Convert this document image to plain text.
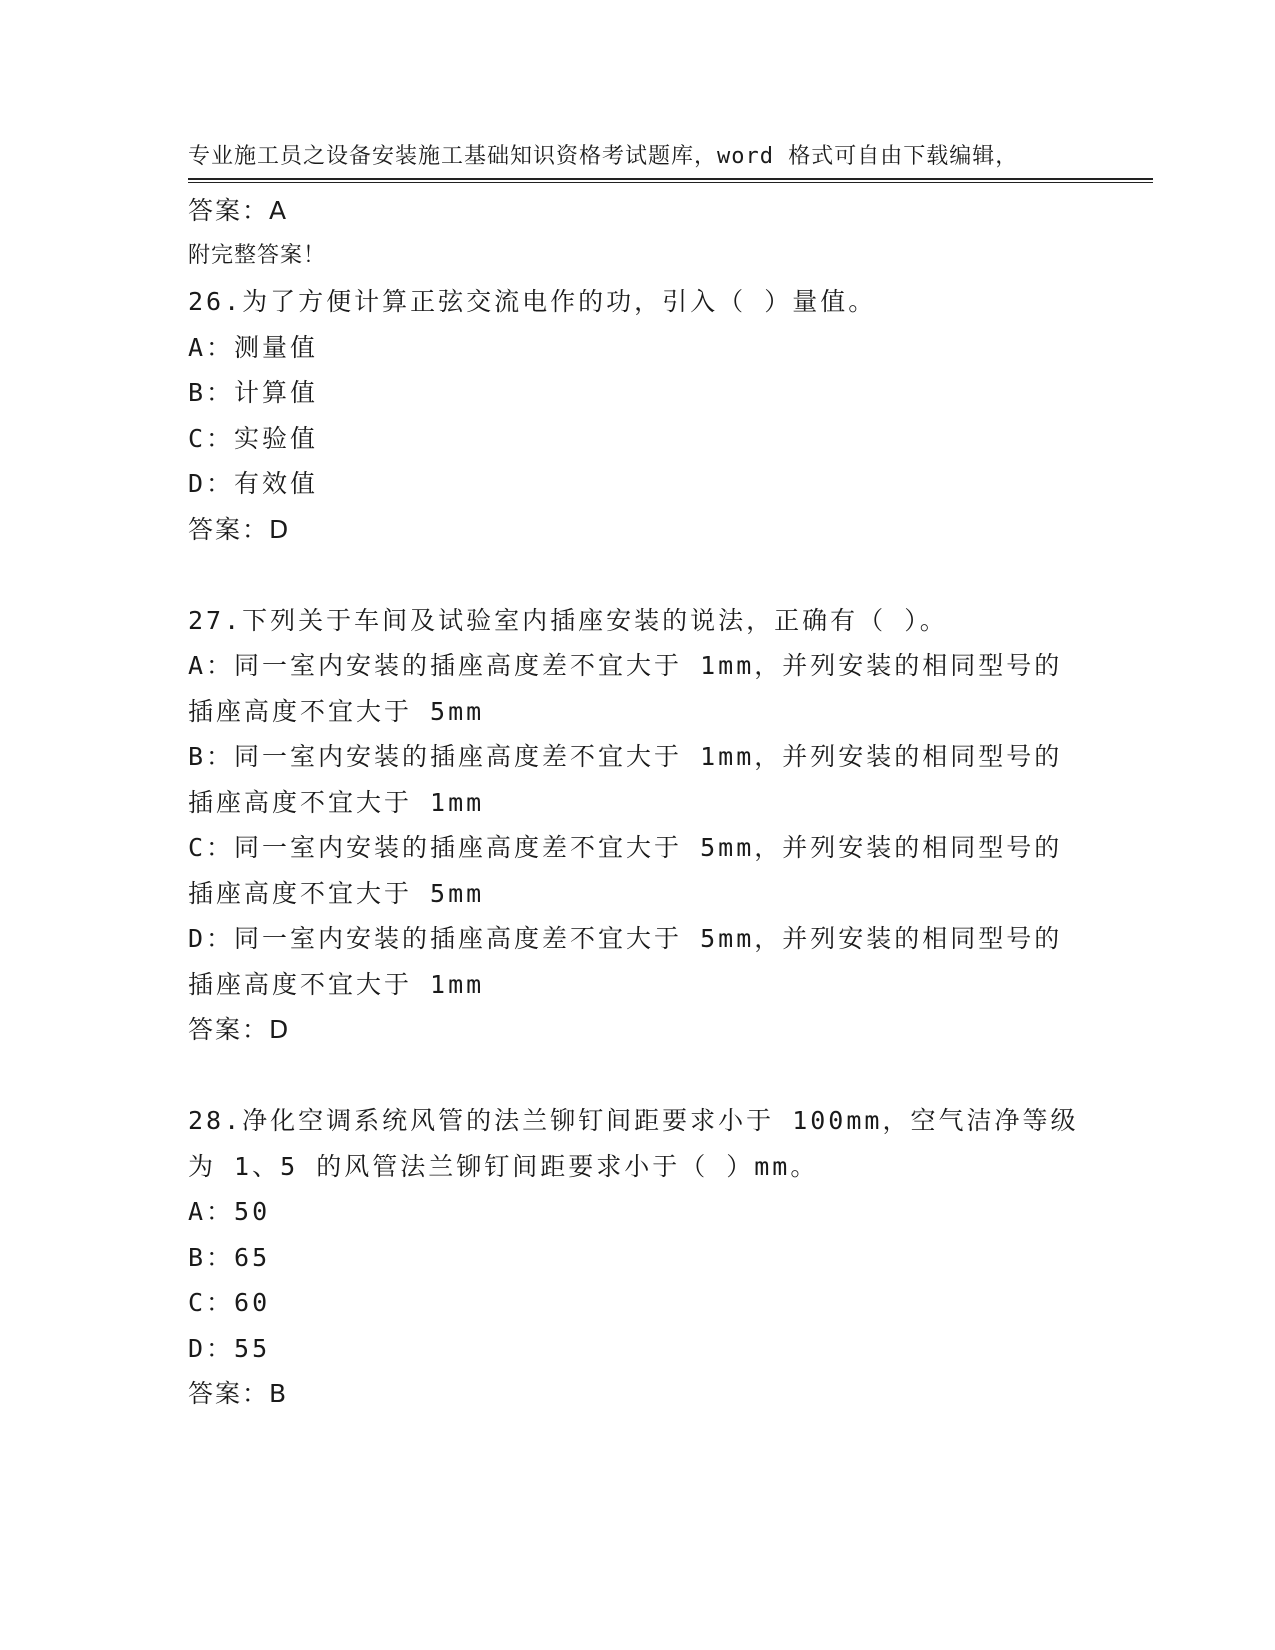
专业施工员之设备安装施工基础知识资格考试题库，word 格式可自由下载编辑，

附完整答案！

答案：A
26.为了方便计算正弦交流电作的功，引入（ ）量值。
A：测量值
B：计算值
C：实验值
D：有效值
答案：D
27.下列关于车间及试验室内插座安装的说法，正确有（ ）。
A：同一室内安装的插座高度差不宜大于 1mm，并列安装的相同型号的
插座高度不宜大于 5mm
B：同一室内安装的插座高度差不宜大于 1mm，并列安装的相同型号的
插座高度不宜大于 1mm
C：同一室内安装的插座高度差不宜大于 5mm，并列安装的相同型号的
插座高度不宜大于 5mm
D：同一室内安装的插座高度差不宜大于 5mm，并列安装的相同型号的
插座高度不宜大于 1mm
答案：D
28.净化空调系统风管的法兰铆钉间距要求小于 100mm，空气洁净等级
为 1、5 的风管法兰铆钉间距要求小于（ ）mm。
A：50
B：65
C：60
D：55
答案：B
